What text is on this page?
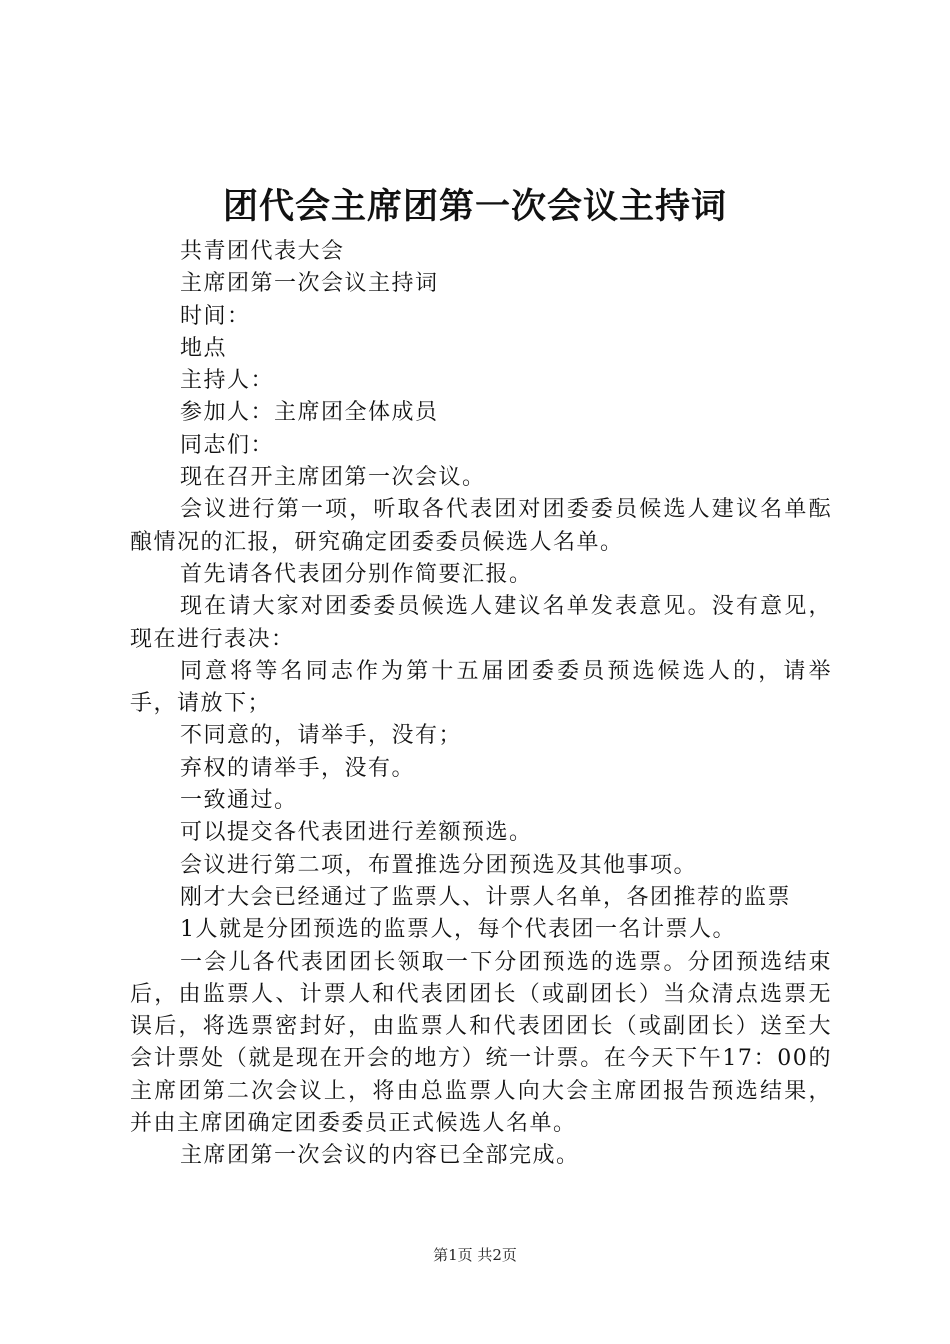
团代会主席团第一次会议主持词

共青团代表大会

主席团第一次会议主持词

时间：

地点

主持人：

参加人：主席团全体成员

同志们：

现在召开主席团第一次会议。

会议进行第一项，听取各代表团对团委委员候选人建议名单酝酿情况的汇报，研究确定团委委员候选人名单。

首先请各代表团分别作简要汇报。

现在请大家对团委委员候选人建议名单发表意见。没有意见，现在进行表决：

同意将等名同志作为第十五届团委委员预选候选人的，请举手，请放下；

不同意的，请举手，没有；

弃权的请举手，没有。

一致通过。

可以提交各代表团进行差额预选。

会议进行第二项，布置推选分团预选及其他事项。

刚才大会已经通过了监票人、计票人名单，各团推荐的监票

1人就是分团预选的监票人，每个代表团一名计票人。

一会儿各代表团团长领取一下分团预选的选票。分团预选结束后，由监票人、计票人和代表团团长（或副团长）当众清点选票无误后，将选票密封好，由监票人和代表团团长（或副团长）送至大会计票处（就是现在开会的地方）统一计票。在今天下午17：00的主席团第二次会议上，将由总监票人向大会主席团报告预选结果，并由主席团确定团委委员正式候选人名单。

主席团第一次会议的内容已全部完成。

第1页 共2页
